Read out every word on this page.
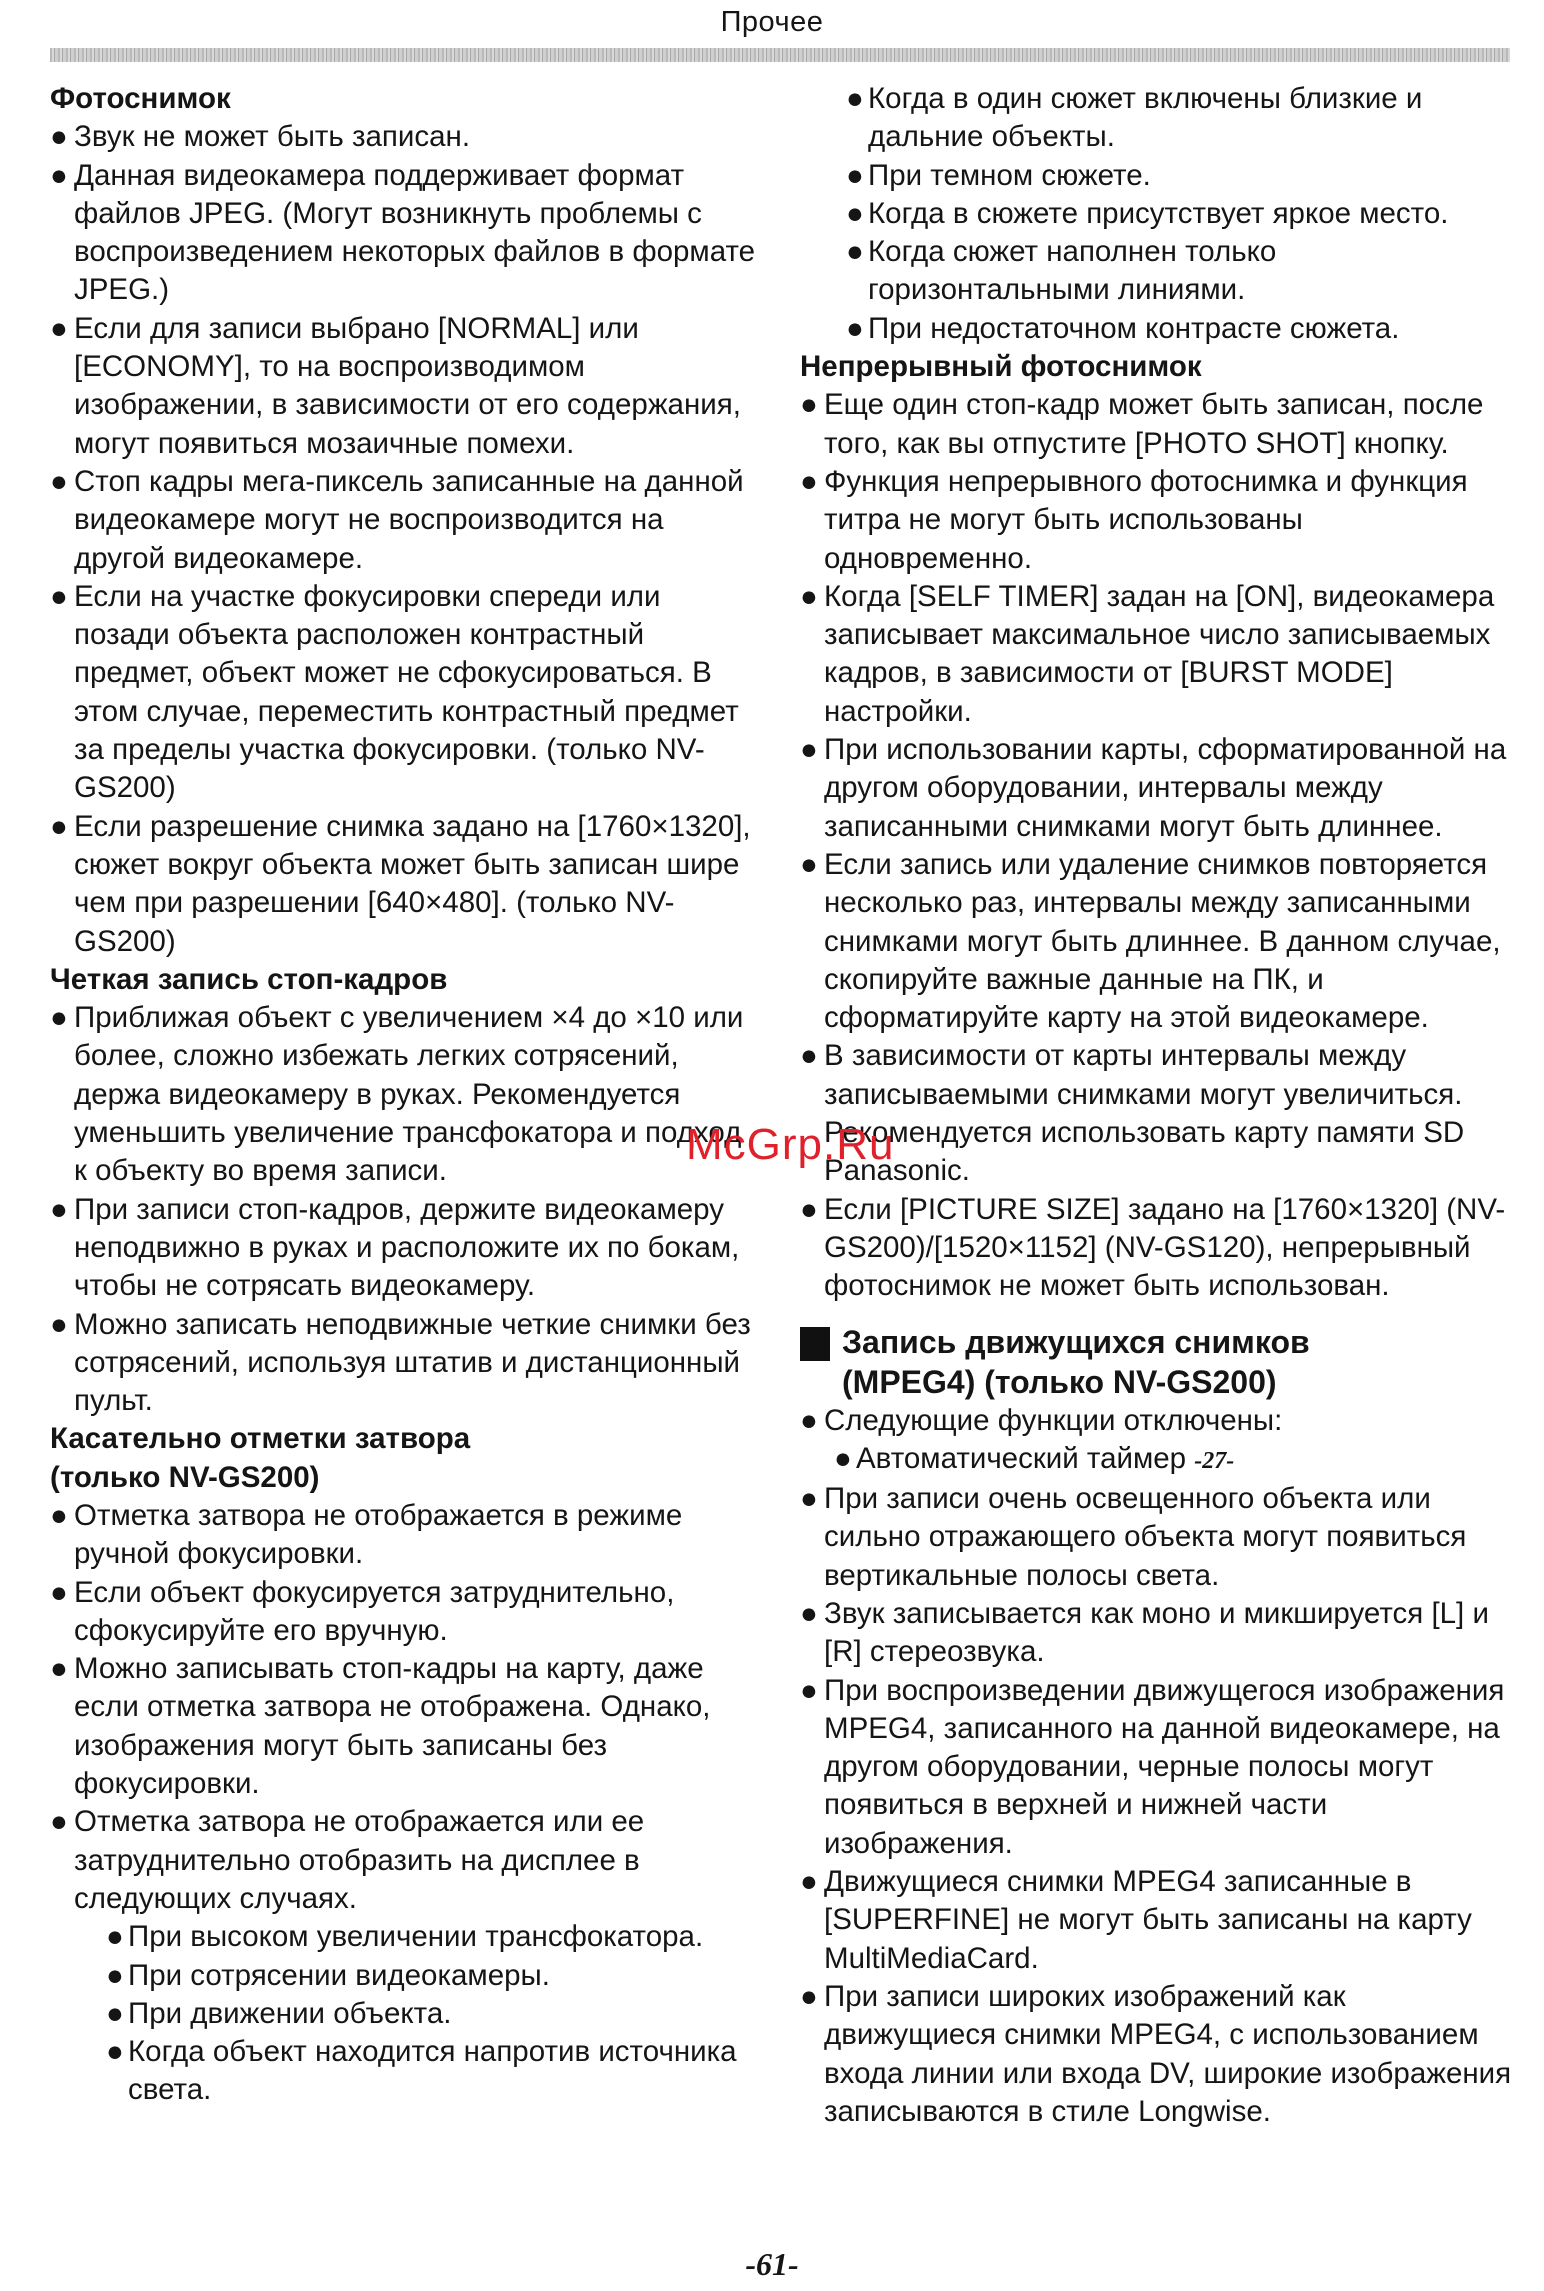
Прочее
Фотоснимок
● Звук не может быть записан.
● Данная видеокамера поддерживает формат файлов JPEG. (Могут возникнуть проблемы с воспроизведением некоторых файлов в формате JPEG.)
● Если для записи выбрано [NORMAL] или [ECONOMY], то на воспроизводимом изображении, в зависимости от его содержания, могут появиться мозаичные помехи.
● Стоп кадры мега-пиксель записанные на данной видеокамере могут не воспроизводится на другой видеокамере.
● Если на участке фокусировки спереди или позади объекта расположен контрастный предмет, объект может не сфокусироваться. В этом случае, переместить контрастный предмет за пределы участка фокусировки. (только NV-GS200)
● Если разрешение снимка задано на [1760×1320], сюжет вокруг объекта может быть записан шире чем при разрешении [640×480]. (только NV-GS200)
Четкая запись стоп-кадров
● Приближая объект с увеличением ×4 до ×10 или более, сложно избежать легких сотрясений, держа видеокамеру в руках. Рекомендуется уменьшить увеличение трансфокатора и подход к объекту во время записи.
● При записи стоп-кадров, держите видеокамеру неподвижно в руках и расположите их по бокам, чтобы не сотрясать видеокамеру.
● Можно записать неподвижные четкие снимки без сотрясений, используя штатив и дистанционный пульт.
Касательно отметки затвора
(только NV-GS200)
● Отметка затвора не отображается в режиме ручной фокусировки.
● Если объект фокусируется затруднительно, сфокусируйте его вручную.
● Можно записывать стоп-кадры на карту, даже если отметка затвора не отображена. Однако, изображения могут быть записаны без фокусировки.
● Отметка затвора не отображается или ее затруднительно отобразить на дисплее в следующих случаях.
● При высоком увеличении трансфокатора.
● При сотрясении видеокамеры.
● При движении объекта.
● Когда объект находится напротив источника света.
● Когда в один сюжет включены близкие и дальние объекты.
● При темном сюжете.
● Когда в сюжете присутствует яркое место.
● Когда сюжет наполнен только горизонтальными линиями.
● При недостаточном контрасте сюжета.
Непрерывный фотоснимок
● Еще один стоп-кадр может быть записан, после того, как вы отпустите [PHOTO SHOT] кнопку.
● Функция непрерывного фотоснимка и функция титра не могут быть использованы одновременно.
● Когда [SELF TIMER] задан на [ON], видеокамера записывает максимальное число записываемых кадров, в зависимости от [BURST MODE] настройки.
● При использовании карты, сформатированной на другом оборудовании, интервалы между записанными снимками могут быть длиннее.
● Если запись или удаление снимков повторяется несколько раз, интервалы между записанными снимками могут быть длиннее. В данном случае, скопируйте важные данные на ПК, и сформатируйте карту на этой видеокамере.
● В зависимости от карты интервалы между записываемыми снимками могут увеличиться. Рекомендуется использовать карту памяти SD Panasonic.
● Если [PICTURE SIZE] задано на [1760×1320] (NV-GS200)/[1520×1152] (NV-GS120), непрерывный фотоснимок не может быть использован.
Запись движущихся снимков
(MPEG4) (только NV-GS200)
● Следующие функции отключены:
● Автоматический таймер -27-
● При записи очень освещенного объекта или сильно отражающего объекта могут появиться вертикальные полосы света.
● Звук записывается как моно и микшируется [L] и [R] стереозвука.
● При воспроизведении движущегося изображения MPEG4, записанного на данной видеокамере, на другом оборудовании, черные полосы могут появиться в верхней и нижней части изображения.
● Движущиеся снимки MPEG4 записанные в [SUPERFINE] не могут быть записаны на карту MultiMediaCard.
● При записи широких изображений как движущиеся снимки MPEG4, с использованием входа линии или входа DV, широкие изображения записываются в стиле Longwise.
McGrp.Ru
-61-
